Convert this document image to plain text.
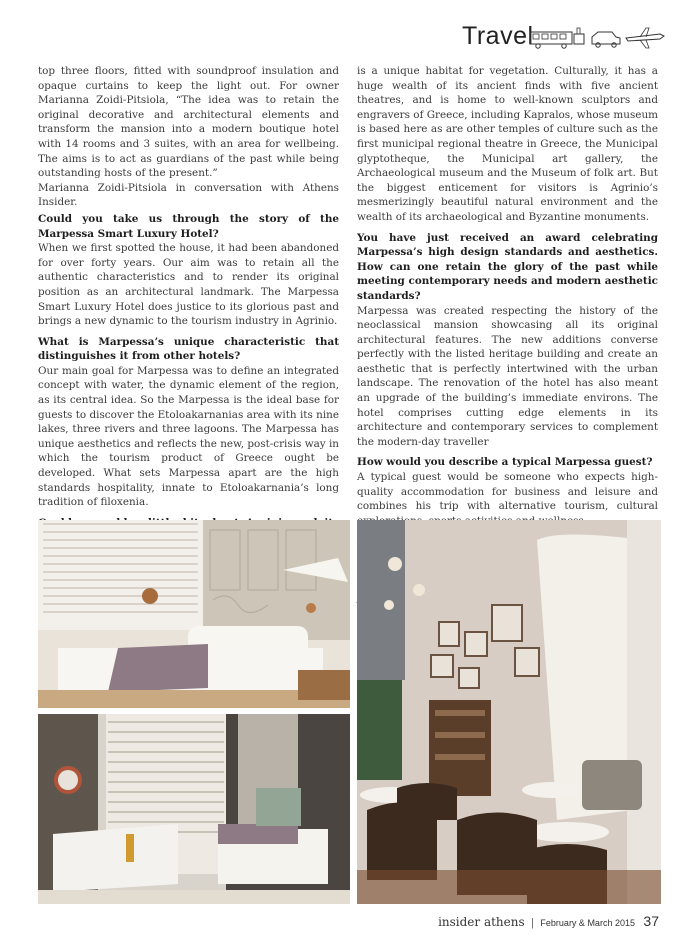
Travel

top three floors, fitted with soundproof insulation and opaque curtains to keep the light out. For owner Marianna Zoidi-Pitsiola, “The idea was to retain the original decorative and architectural elements and transform the mansion into a modern boutique hotel with 14 rooms and 3 suites, with an area for wellbeing. The aims is to act as guardians of the past while being outstanding hosts of the present.”

Marianna Zoidi-Pitsiola in conversation with Athens Insider.

Could you take us through the story of the Marpessa Smart Luxury Hotel?

When we first spotted the house, it had been abandoned for over forty years. Our aim was to retain all the authentic characteristics and to render its original position as an architectural landmark. The Marpessa Smart Luxury Hotel does justice to its glorious past and brings a new dynamic to the tourism industry in Agrinio.

What is Marpessa’s unique characteristic that distinguishes it from other hotels?

Our main goal for Marpessa was to define an integrated concept with water, the dynamic element of the region, as its central idea. So the Marpessa is the ideal base for guests to discover the Etoloakarnanias area with its nine lakes, three rivers and three lagoons. The Marpessa has unique aesthetics and reflects the new, post-crisis way in which the tourism product of Greece ought be developed. What sets Marpessa apart are the high standards hospitality, innate to Etoloakarnania’s long tradition of filoxenia.

is a unique habitat for vegetation. Culturally, it has a huge wealth of its ancient finds with five ancient theatres, and is home to well-known sculptors and engravers of Greece, including Kapralos, whose museum is based here as are other temples of culture such as the first municipal regional theatre in Greece, the Municipal glyptotheque, the Municipal art gallery, the Archaeological museum and the Museum of folk art. But the biggest enticement for visitors is Agrinio’s mesmerizingly beautiful natural environment and the wealth of its archaeological and Byzantine monuments.

You have just received an award celebrating Marpessa’s high design standards and aesthetics. How can one retain the glory of the past while meeting contemporary needs and modern aesthetic standards?

Marpessa was created respecting the history of the neoclassical mansion showcasing all its original architectural features. The new additions converse perfectly with the listed heritage building and create an aesthetic that is perfectly intertwined with the urban landscape. The renovation of the hotel has also meant an upgrade of the building’s immediate environs. The hotel comprises cutting edge elements in its architecture and contemporary services to complement the modern-day traveller

How would you describe a typical Marpessa guest?

A typical guest would be someone who expects high-quality accommodation for business and leisure and combines his trip with alternative tourism, cultural

insider athens | February & March 2015 37
